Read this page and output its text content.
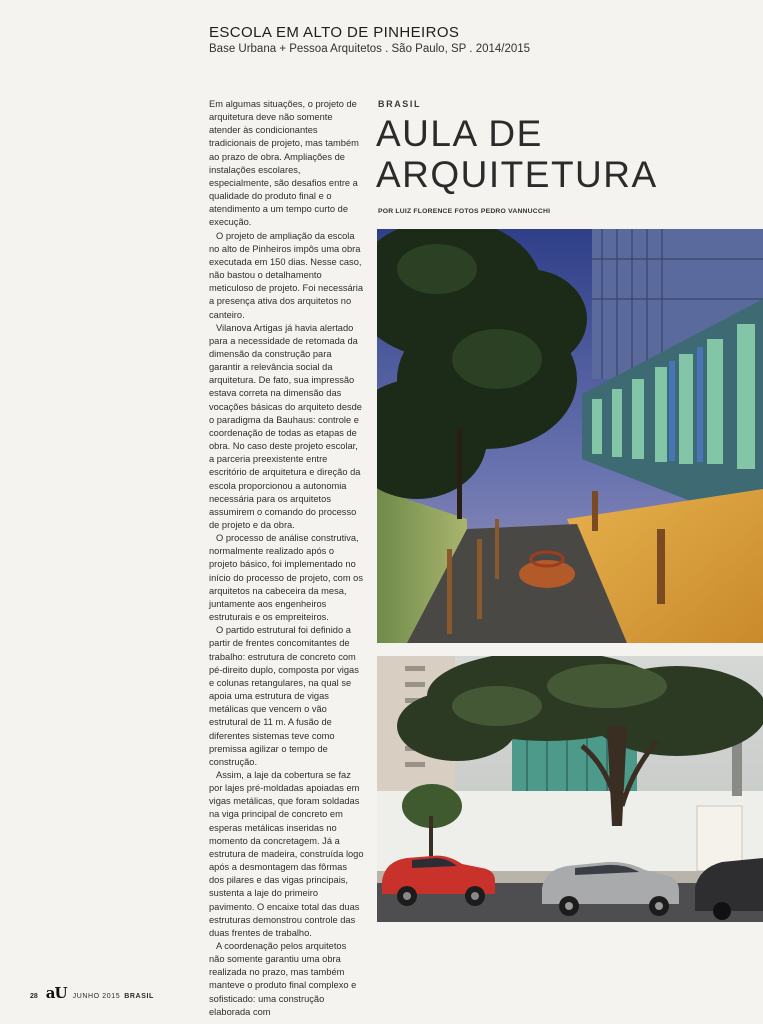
ESCOLA EM ALTO DE PINHEIROS
Base Urbana + Pessoa Arquitetos . São Paulo, SP . 2014/2015

Em algumas situações, o projeto de arquitetura deve não somente atender às condicionantes tradicionais de projeto, mas também ao prazo de obra. Ampliações de instalações escolares, especialmente, são desafios entre a qualidade do produto final e o atendimento a um tempo curto de execução.

O projeto de ampliação da escola no alto de Pinheiros impôs uma obra executada em 150 dias. Nesse caso, não bastou o detalhamento meticuloso de projeto. Foi necessária a presença ativa dos arquitetos no canteiro.

Vilanova Artigas já havia alertado para a necessidade de retomada da dimensão da construção para garantir a relevância social da arquitetura. De fato, sua impressão estava correta na dimensão das vocações básicas do arquiteto desde o paradigma da Bauhaus: controle e coordenação de todas as etapas de obra. No caso deste projeto escolar, a parceria preexistente entre escritório de arquitetura e direção da escola proporcionou a autonomia necessária para os arquitetos assumirem o comando do processo de projeto e da obra.

O processo de análise construtiva, normalmente realizado após o projeto básico, foi implementado no início do processo de projeto, com os arquitetos na cabeceira da mesa, juntamente aos engenheiros estruturais e os empreiteiros.

O partido estrutural foi definido a partir de frentes concomitantes de trabalho: estrutura de concreto com pé-direito duplo, composta por vigas e colunas retangulares, na qual se apoia uma estrutura de vigas metálicas que vencem o vão estrutural de 11 m. A fusão de diferentes sistemas teve como premissa agilizar o tempo de construção.

Assim, a laje da cobertura se faz por lajes pré-moldadas apoiadas em vigas metálicas, que foram soldadas na viga principal de concreto em esperas metálicas inseridas no momento da concretagem. Já a estrutura de madeira, construída logo após a desmontagem das fôrmas dos pilares e das vigas principais, sustenta a laje do primeiro pavimento. O encaixe total das duas estruturas demonstrou controle das duas frentes de trabalho.

A coordenação pelos arquitetos não somente garantiu uma obra realizada no prazo, mas também manteve o produto final complexo e sofisticado: uma construção elaborada com

BRASIL
AULA DE
ARQUITETURA
POR LUIZ FLORENCE FOTOS PEDRO VANNUCCHI
28 aU JUNHO 2015 BRASIL
